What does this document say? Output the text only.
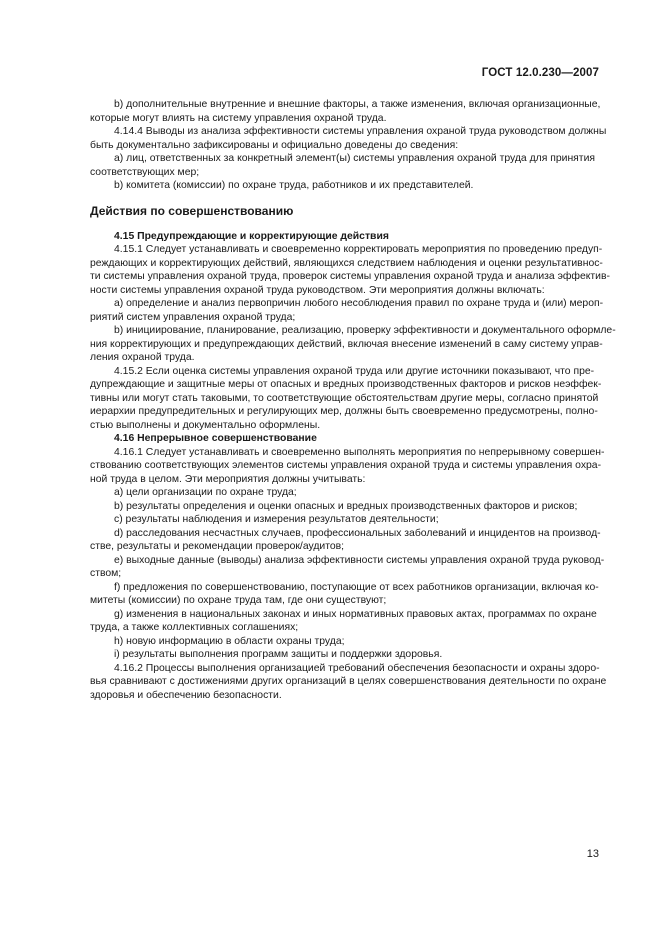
ГОСТ 12.0.230—2007
b) дополнительные внутренние и внешние факторы, а также изменения, включая организационные,
которые могут влиять на систему управления охраной труда.
4.14.4 Выводы из анализа эффективности системы управления охраной труда руководством должны
быть документально зафиксированы и официально доведены до сведения:
a) лиц, ответственных за конкретный элемент(ы) системы управления охраной труда для принятия
соответствующих мер;
b) комитета (комиссии) по охране труда, работников и их представителей.
Действия по совершенствованию
4.15 Предупреждающие и корректирующие действия
4.15.1 Следует устанавливать и своевременно корректировать мероприятия по проведению предуп-
реждающих и корректирующих действий, являющихся следствием наблюдения и оценки результативнос-
ти системы управления охраной труда, проверок системы управления охраной труда и анализа эффектив-
ности системы управления охраной труда руководством. Эти мероприятия должны включать:
a) определение и анализ первопричин любого несоблюдения правил по охране труда и (или) мероп-
риятий систем управления охраной труда;
b) инициирование, планирование, реализацию, проверку эффективности и документального оформле-
ния корректирующих и предупреждающих действий, включая внесение изменений в саму систему управ-
ления охраной труда.
4.15.2 Если оценка системы управления охраной труда или другие источники показывают, что пре-
дупреждающие и защитные меры от опасных и вредных производственных факторов и рисков неэффек-
тивны или могут стать таковыми, то соответствующие обстоятельствам другие меры, согласно принятой
иерархии предупредительных и регулирующих мер, должны быть своевременно предусмотрены, полно-
стью выполнены и документально оформлены.
4.16 Непрерывное совершенствование
4.16.1 Следует устанавливать и своевременно выполнять мероприятия по непрерывному совершен-
ствованию соответствующих элементов системы управления охраной труда и системы управления охра-
ной труда в целом. Эти мероприятия должны учитывать:
a) цели организации по охране труда;
b) результаты определения и оценки опасных и вредных производственных факторов и рисков;
c) результаты наблюдения и измерения результатов деятельности;
d) расследования несчастных случаев, профессиональных заболеваний и инцидентов на производ-
стве, результаты и рекомендации проверок/аудитов;
e) выходные данные (выводы) анализа эффективности системы управления охраной труда руковод-
ством;
f) предложения по совершенствованию, поступающие от всех работников организации, включая ко-
митеты (комиссии) по охране труда там, где они существуют;
g) изменения в национальных законах и иных нормативных правовых актах, программах по охране
труда, а также коллективных соглашениях;
h) новую информацию в области охраны труда;
i) результаты выполнения программ защиты и поддержки здоровья.
4.16.2 Процессы выполнения организацией требований обеспечения безопасности и охраны здоро-
вья сравнивают с достижениями других организаций в целях совершенствования деятельности по охране
здоровья и обеспечению безопасности.
13
